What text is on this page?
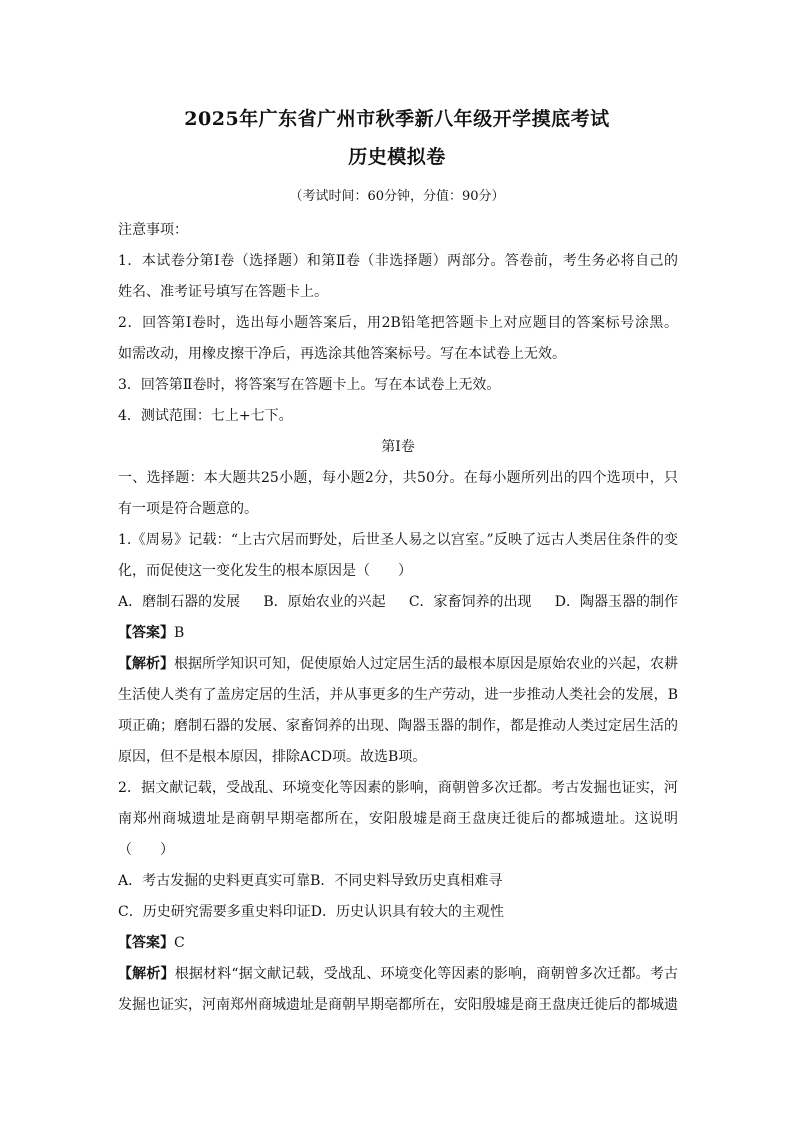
2025年广东省广州市秋季新八年级开学摸底考试
历史模拟卷
（考试时间：60分钟，分值：90分）
注意事项：
1．本试卷分第Ⅰ卷（选择题）和第Ⅱ卷（非选择题）两部分。答卷前，考生务必将自己的
姓名、准考证号填写在答题卡上。
2．回答第Ⅰ卷时，选出每小题答案后，用2B铅笔把答题卡上对应题目的答案标号涂黑。
如需改动，用橡皮擦干净后，再选涂其他答案标号。写在本试卷上无效。
3．回答第Ⅱ卷时，将答案写在答题卡上。写在本试卷上无效。
4．测试范围：七上+七下。
第Ⅰ卷
一、选择题：本大题共25小题，每小题2分，共50分。在每小题所列出的四个选项中，只
有一项是符合题意的。
1.《周易》记载：“上古穴居而野处，后世圣人易之以宫室。”反映了远古人类居住条件的变
化，而促使这一变化发生的根本原因是（　　）
A．磨制石器的发展 B．原始农业的兴起 C．家畜饲养的出现 D．陶器玉器的制作
【答案】B
【解析】根据所学知识可知，促使原始人过定居生活的最根本原因是原始农业的兴起，农耕
生活使人类有了盖房定居的生活，并从事更多的生产劳动，进一步推动人类社会的发展，B
项正确；磨制石器的发展、家畜饲养的出现、陶器玉器的制作，都是推动人类过定居生活的
原因，但不是根本原因，排除ACD项。故选B项。
2．据文献记载，受战乱、环境变化等因素的影响，商朝曾多次迁都。考古发掘也证实，河
南郑州商城遗址是商朝早期亳都所在，安阳殷墟是商王盘庚迁徙后的都城遗址。这说明
（　　）
A．考古发掘的史料更真实可靠B．不同史料导致历史真相难寻
C．历史研究需要多重史料印证D．历史认识具有较大的主观性
【答案】C
【解析】根据材料“据文献记载，受战乱、环境变化等因素的影响，商朝曾多次迁都。考古
发掘也证实，河南郑州商城遗址是商朝早期亳都所在，安阳殷墟是商王盘庚迁徙后的都城遗
